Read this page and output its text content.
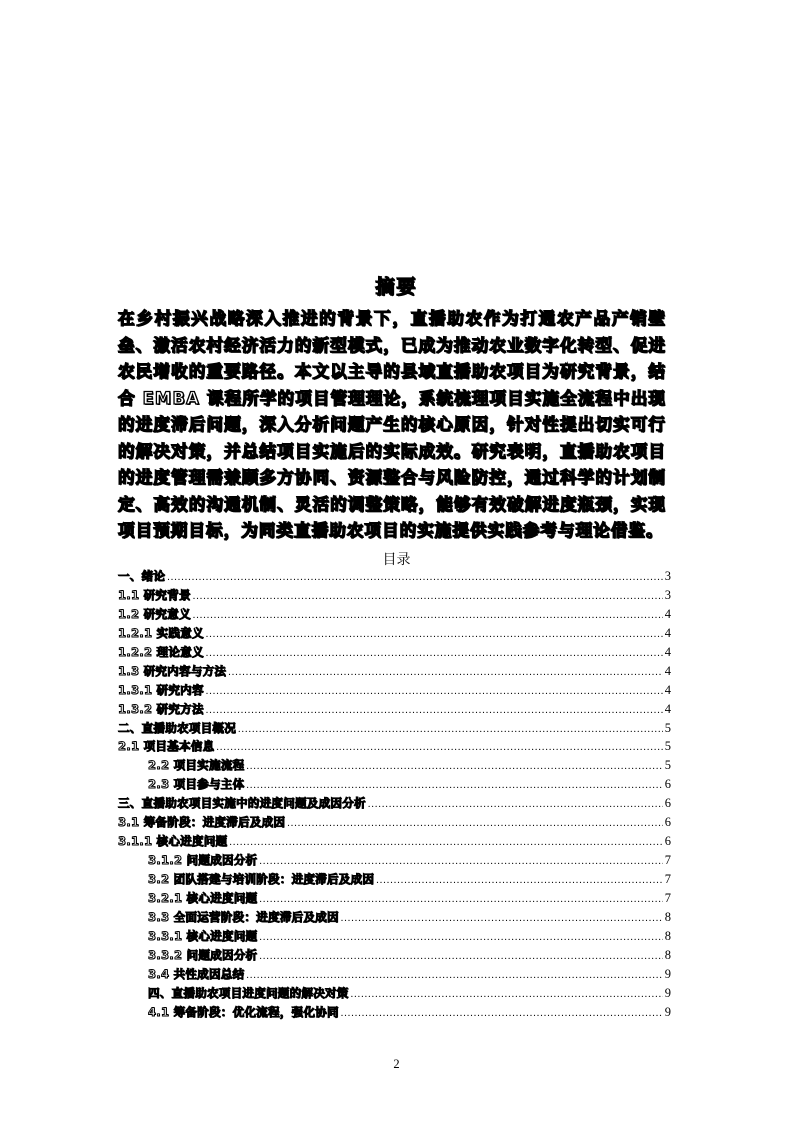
摘要
在乡村振兴战略深入推进的背景下，直播助农作为打通农产品产销壁垒、激活农村经济活力的新型模式，已成为推动农业数字化转型、促进农民增收的重要路径。本文以主导的县域直播助农项目为研究背景，结合 EMBA 课程所学的项目管理理论，系统梳理项目实施全流程中出现的进度滞后问题，深入分析问题产生的核心原因，针对性提出切实可行的解决对策，并总结项目实施后的实际成效。研究表明，直播助农项目的进度管理需兼顾多方协同、资源整合与风险防控，通过科学的计划制定、高效的沟通机制、灵活的调整策略，能够有效破解进度瓶颈，实现项目预期目标，为同类直播助农项目的实施提供实践参考与理论借鉴。
目录
一、绪论 .....	3
1.1 研究背景 .....	3
1.2 研究意义 .....	4
1.2.1 实践意义 .....	4
1.2.2 理论意义 .....	4
1.3 研究内容与方法 .....	4
1.3.1 研究内容 .....	4
1.3.2 研究方法 .....	4
二、直播助农项目概况 .....	5
2.1 项目基本信息 .....	5
2.2 项目实施流程 .....	5
2.3 项目参与主体 .....	6
三、直播助农项目实施中的进度问题及成因分析 .....	6
3.1 筹备阶段：进度滞后及成因 .....	6
3.1.1 核心进度问题 .....	6
3.1.2 问题成因分析 .....	7
3.2 团队搭建与培训阶段：进度滞后及成因 .....	7
3.2.1 核心进度问题 .....	7
3.3 全面运营阶段：进度滞后及成因 .....	8
3.3.1 核心进度问题 .....	8
3.3.2 问题成因分析 .....	8
3.4 共性成因总结 .....	9
四、直播助农项目进度问题的解决对策 .....	9
4.1 筹备阶段：优化流程，强化协同 .....	9
2
